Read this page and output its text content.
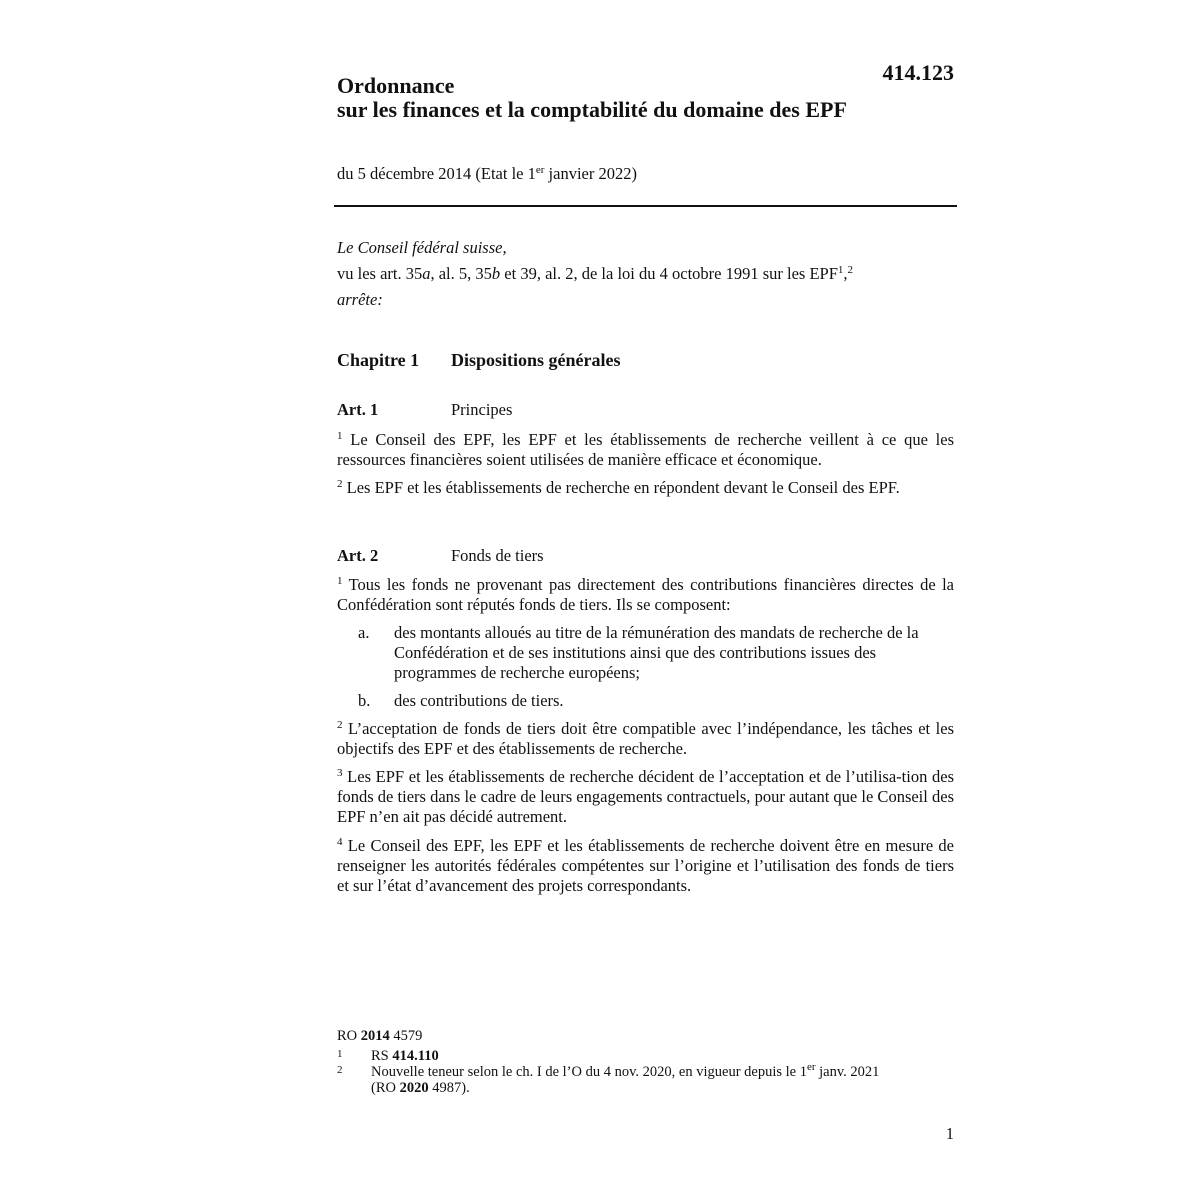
414.123
Ordonnance
sur les finances et la comptabilité du domaine des EPF
du 5 décembre 2014 (Etat le 1er janvier 2022)
Le Conseil fédéral suisse,
vu les art. 35a, al. 5, 35b et 39, al. 2, de la loi du 4 octobre 1991 sur les EPF$^1$,$^2$
arrête:
Chapitre 1 Dispositions générales
Art. 1	Principes
$^1$ Le Conseil des EPF, les EPF et les établissements de recherche veillent à ce que les ressources financières soient utilisées de manière efficace et économique.
$^2$ Les EPF et les établissements de recherche en répondent devant le Conseil des EPF.
Art. 2	Fonds de tiers
$^1$ Tous les fonds ne provenant pas directement des contributions financières directes de la Confédération sont réputés fonds de tiers. Ils se composent:
a. des montants alloués au titre de la rémunération des mandats de recherche de la Confédération et de ses institutions ainsi que des contributions issues des programmes de recherche européens;
b. des contributions de tiers.
$^2$ L’acceptation de fonds de tiers doit être compatible avec l’indépendance, les tâches et les objectifs des EPF et des établissements de recherche.
$^3$ Les EPF et les établissements de recherche décident de l’acceptation et de l’utilisa-tion des fonds de tiers dans le cadre de leurs engagements contractuels, pour autant que le Conseil des EPF n’en ait pas décidé autrement.
$^4$ Le Conseil des EPF, les EPF et les établissements de recherche doivent être en mesure de renseigner les autorités fédérales compétentes sur l’origine et l’utilisation des fonds de tiers et sur l’état d’avancement des projets correspondants.
RO 2014 4579
1 RS 414.110
2 Nouvelle teneur selon le ch. I de l’O du 4 nov. 2020, en vigueur depuis le 1er janv. 2021
(RO 2020 4987).
1
